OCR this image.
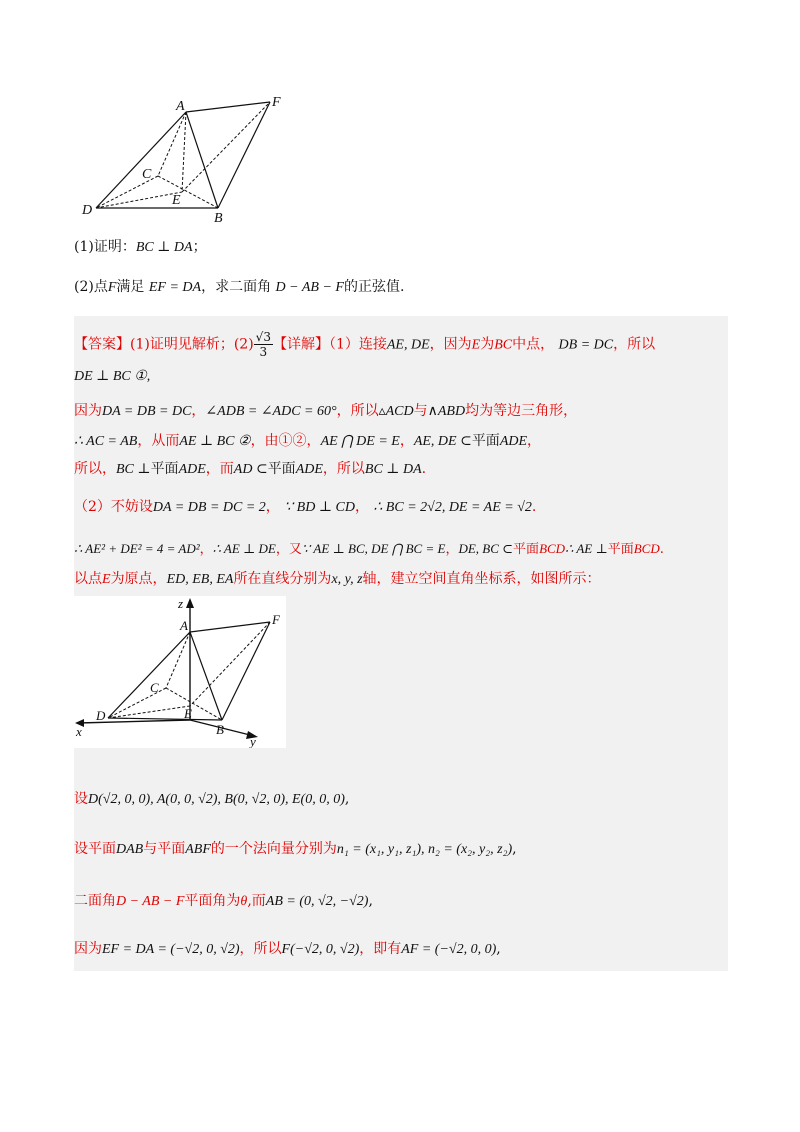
A	F
C
E
D
B
(1)证明：BC ⊥ DA；
(2)点F满足 EF = DA，求二面角 D − AB − F的正弦值.
【答案】(1)证明见解析；$(2) \frac{√3}{3}$ 【详解】（1）连接AE, DE，因为E为BC中点， DB = DC，所以
DE ⊥ BC ①,
因为DA = DB = DC，∠ADB = ∠ADC = 60°，所以▵ACD与∧ABD均为等边三角形，
∴ AC = AB，从而AE ⊥ BC ②，由①②，AE ⋂ DE = E，AE, DE ⊂平面ADE，
所以，BC ⊥平面ADE，而AD ⊂平面ADE，所以BC ⊥ DA.
（2）不妨设DA = DB = DC = 2， ∵ BD ⊥ CD， ∴ BC = 2√2, DE = AE = √2.
∴ AE² + DE² = 4 = AD²，∴ AE ⊥ DE，又∵ AE ⊥ BC, DE ⋂ BC = E，DE, BC ⊂平面BCD∴ AE ⊥平面BCD.
以点E为原点，ED, EB, EA所在直线分别为x, y, z轴，建立空间直角坐标系，如图所示：
z
A	F
C
D	E
B
x
y
设D(√2, 0, 0), A(0, 0, √2), B(0, √2, 0), E(0, 0, 0),
设平面DAB与平面ABF的一个法向量分别为n₁ = (x₁, y₁, z₁), n₂ = (x₂, y₂, z₂),
二面角D − AB − F平面角为θ,而AB = (0, √2, −√2),
因为EF = DA = (−√2, 0, √2)，所以F(−√2, 0, √2)，即有AF = (−√2, 0, 0),
